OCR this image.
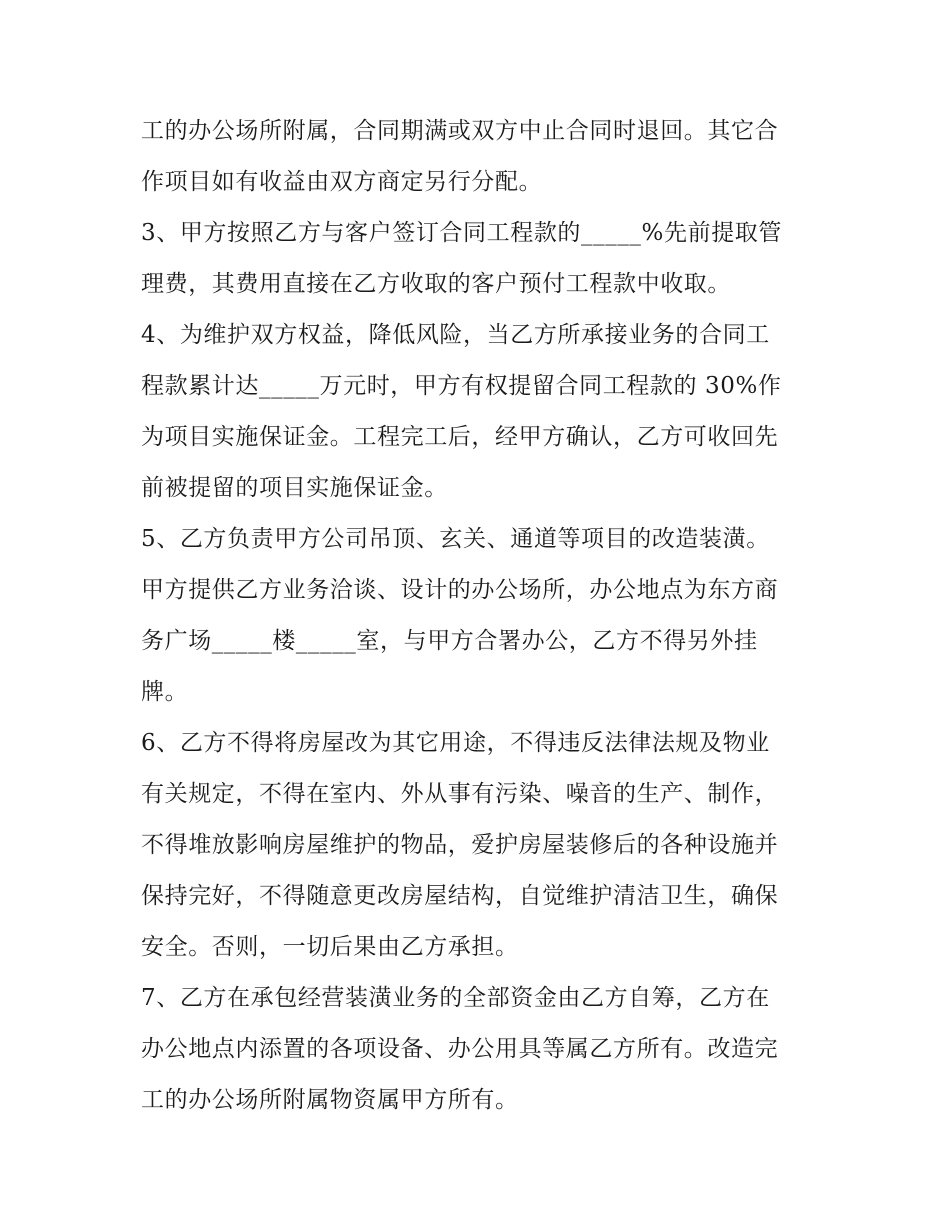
工的办公场所附属，合同期满或双方中止合同时退回。其它合
作项目如有收益由双方商定另行分配。
3、甲方按照乙方与客户签订合同工程款的_____%先前提取管
理费，其费用直接在乙方收取的客户预付工程款中收取。
4、为维护双方权益，降低风险，当乙方所承接业务的合同工
程款累计达_____万元时，甲方有权提留合同工程款的 30%作
为项目实施保证金。工程完工后，经甲方确认，乙方可收回先
前被提留的项目实施保证金。
5、乙方负责甲方公司吊顶、玄关、通道等项目的改造装潢。
甲方提供乙方业务洽谈、设计的办公场所，办公地点为东方商
务广场_____楼_____室，与甲方合署办公，乙方不得另外挂
牌。
6、乙方不得将房屋改为其它用途，不得违反法律法规及物业
有关规定，不得在室内、外从事有污染、噪音的生产、制作，
不得堆放影响房屋维护的物品，爱护房屋装修后的各种设施并
保持完好，不得随意更改房屋结构，自觉维护清洁卫生，确保
安全。否则，一切后果由乙方承担。
7、乙方在承包经营装潢业务的全部资金由乙方自筹，乙方在
办公地点内添置的各项设备、办公用具等属乙方所有。改造完
工的办公场所附属物资属甲方所有。
